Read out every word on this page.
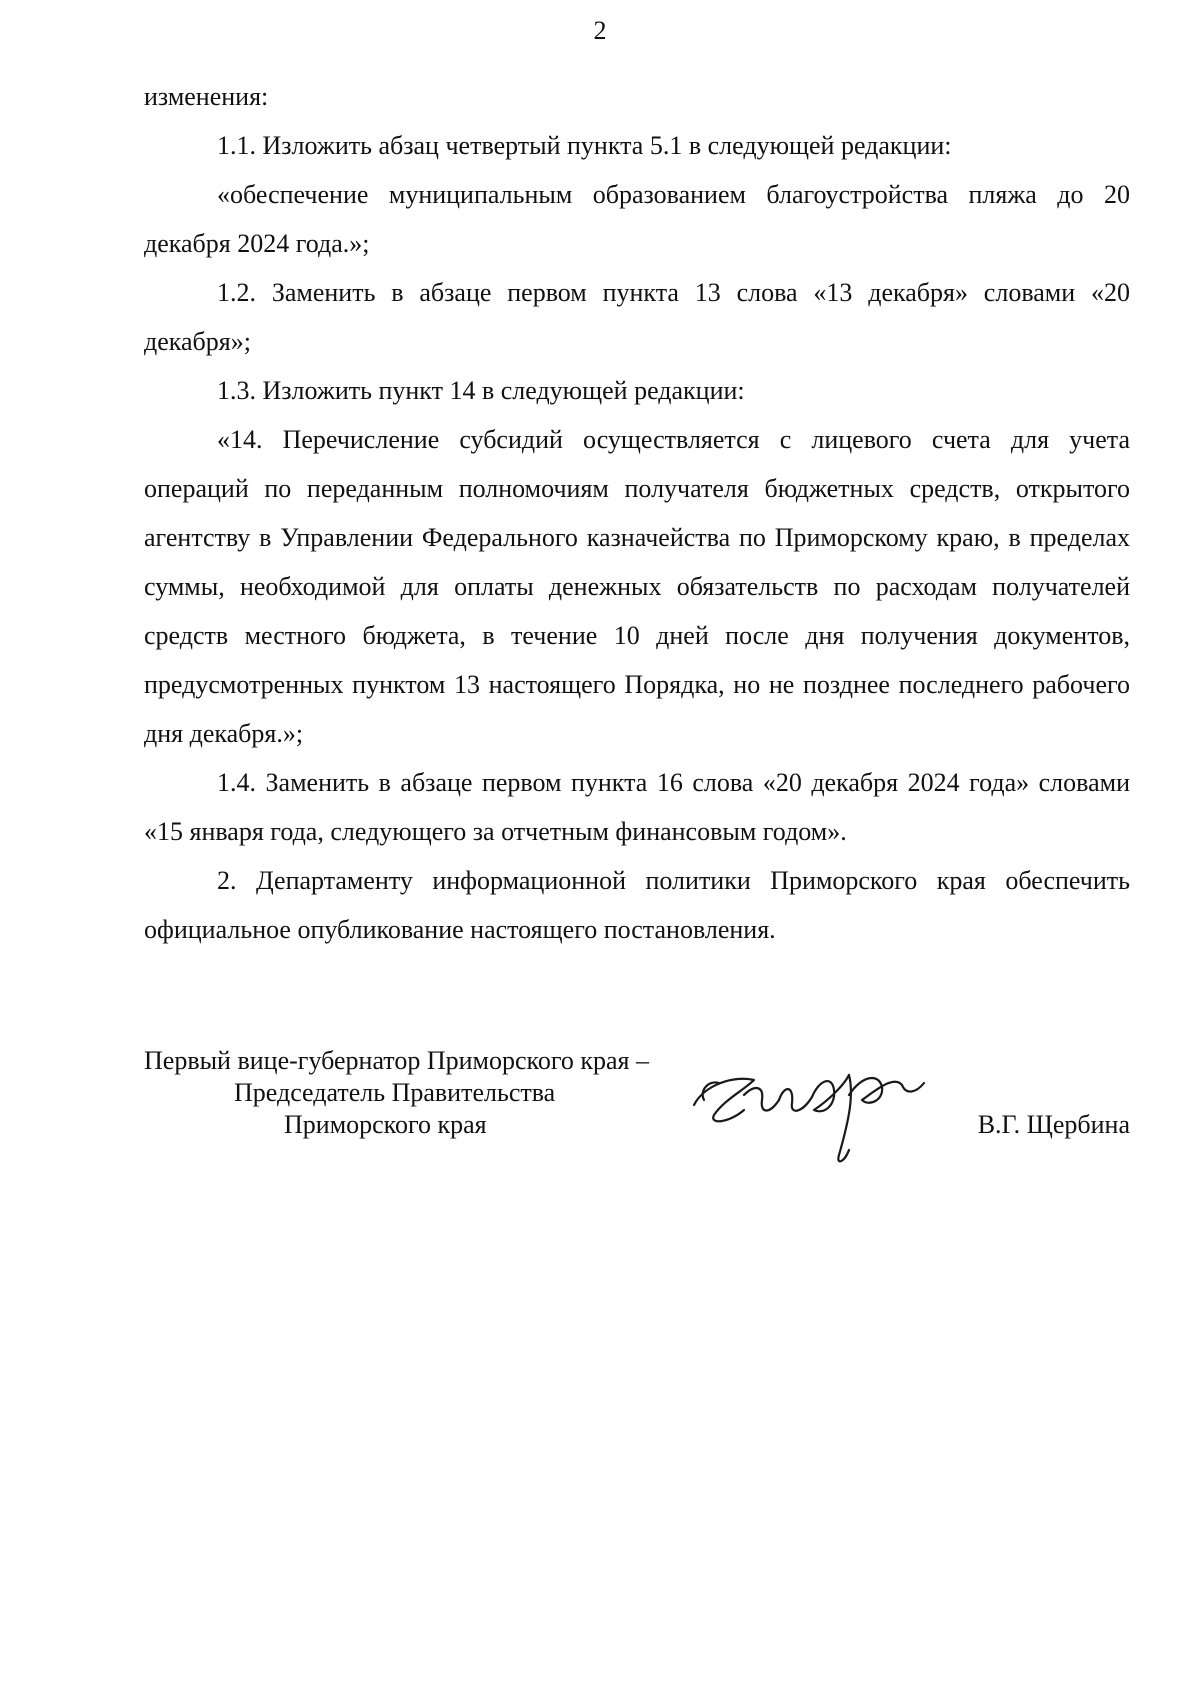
2

изменения:

1.1. Изложить абзац четвертый пункта 5.1 в следующей редакции:

«обеспечение муниципальным образованием благоустройства пляжа до 20 декабря 2024 года.»;

1.2. Заменить в абзаце первом пункта 13 слова «13 декабря» словами «20 декабря»;

1.3. Изложить пункт 14 в следующей редакции:

«14. Перечисление субсидий осуществляется с лицевого счета для учета операций по переданным полномочиям получателя бюджетных средств, открытого агентству в Управлении Федерального казначейства по Приморскому краю, в пределах суммы, необходимой для оплаты денежных обязательств по расходам получателей средств местного бюджета, в течение 10 дней после дня получения документов, предусмотренных пунктом 13 настоящего Порядка, но не позднее последнего рабочего дня декабря.»;

1.4. Заменить в абзаце первом пункта 16 слова «20 декабря 2024 года» словами «15 января года, следующего за отчетным финансовым годом».

2. Департаменту информационной политики Приморского края обеспечить официальное опубликование настоящего постановления.

Первый вице-губернатор Приморского края –
Председатель Правительства
Приморского края	В.Г. Щербина
